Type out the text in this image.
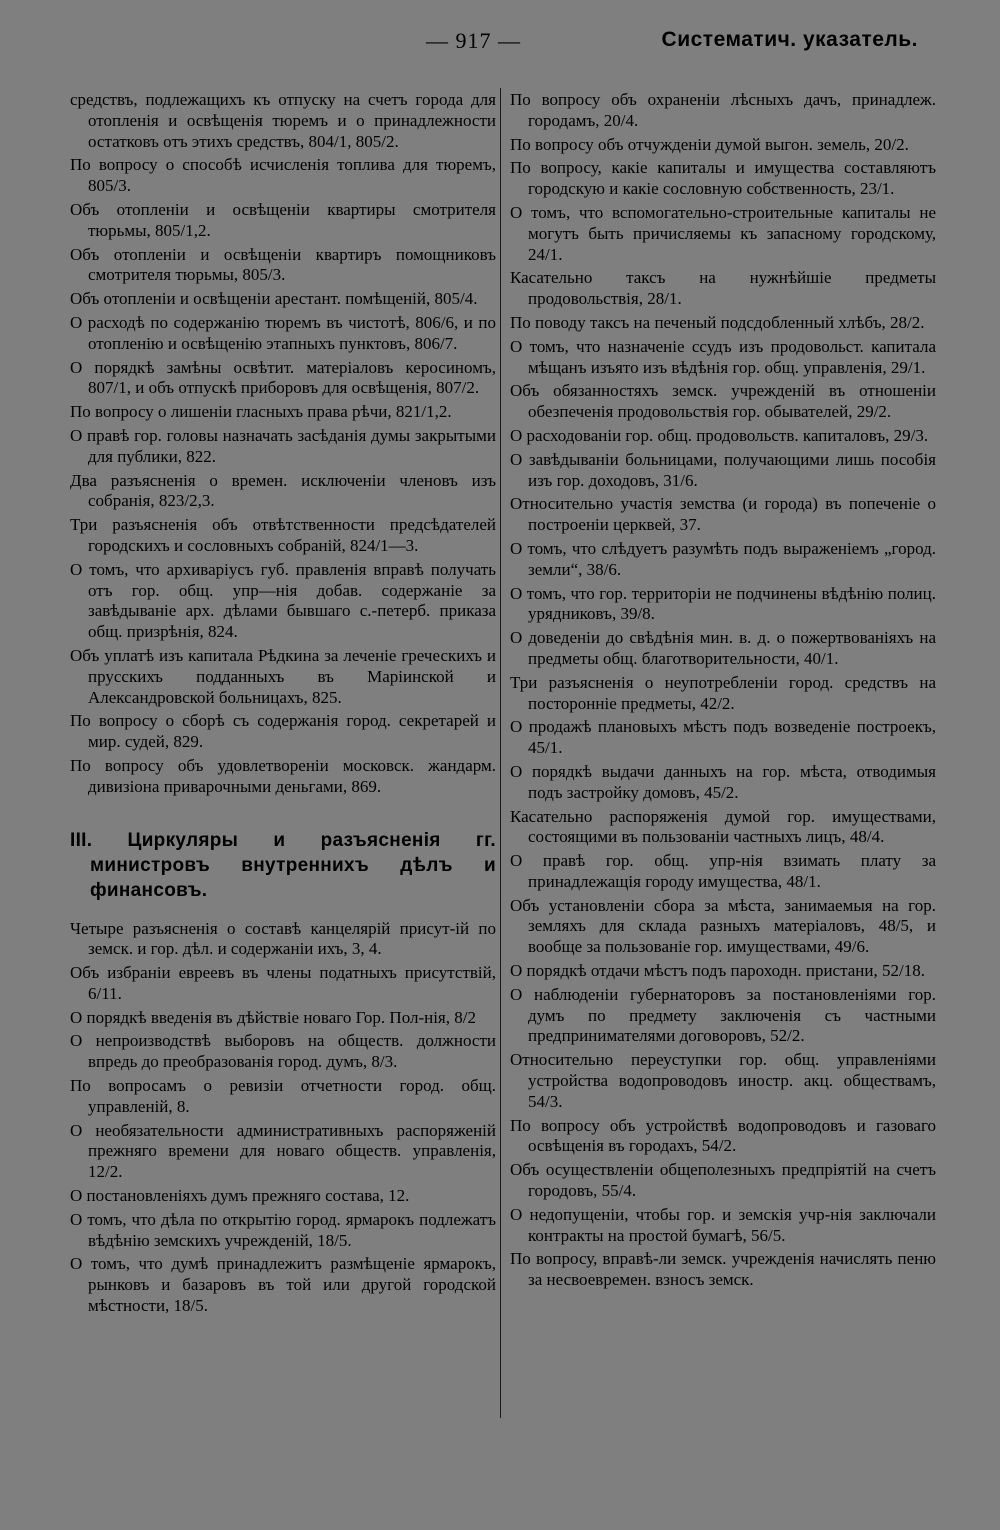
— 917 —	Систематич. указатель.

средствъ, подлежащихъ къ отпуску на счетъ города для отопленія и освѣщенія тюремъ и о принадлежности остатковъ отъ этихъ средствъ, 804/1, 805/2.

По вопросу о способѣ исчисленія топлива для тюремъ, 805/3.

Объ отопленіи и освѣщеніи квартиры смотрителя тюрьмы, 805/1,2.

Объ отопленіи и освѣщеніи квартиръ помощниковъ смотрителя тюрьмы, 805/3.

Объ отопленіи и освѣщеніи арестант. помѣщеній, 805/4.

О расходѣ по содержанію тюремъ въ чистотѣ, 806/6, и по отопленію и освѣщенію этапныхъ пунктовъ, 806/7.

О порядкѣ замѣны освѣтит. матеріаловъ керосиномъ, 807/1, и объ отпускѣ приборовъ для освѣщенія, 807/2.

По вопросу о лишеніи гласныхъ права рѣчи, 821/1,2.

О правѣ гор. головы назначать засѣданія думы закрытыми для публики, 822.

Два разъясненія о времен. исключеніи членовъ изъ собранія, 823/2,3.

Три разъясненія объ отвѣтственности предсѣдателей городскихъ и сословныхъ собраній, 824/1—3.

О томъ, что архиваріусъ губ. правленія вправѣ получать отъ гор. общ. упр—нія добав. содержаніе за завѣдываніе арх. дѣлами бывшаго с.-петерб. приказа общ. призрѣнія, 824.

Объ уплатѣ изъ капитала Рѣдкина за леченіе греческихъ и прусскихъ подданныхъ въ Маріинской и Александровской больницахъ, 825.

По вопросу о сборѣ съ содержанія город. секретарей и мир. судей, 829.

По вопросу объ удовлетвореніи московск. жандарм. дивизіона приварочными деньгами, 869.

III. Циркуляры и разъясненія гг. министровъ внутреннихъ дѣлъ и финансовъ.

Четыре разъясненія о составѣ канцелярій присут-ій по земск. и гор. дѣл. и содержаніи ихъ, 3, 4.

Объ избраніи евреевъ въ члены податныхъ присутствій, 6/11.

О порядкѣ введенія въ дѣйствіе новаго Гор. Пол-нія, 8/2

О непроизводствѣ выборовъ на обществ. должности впредь до преобразованія город. думъ, 8/3.

По вопросамъ о ревизіи отчетности город. общ. управленій, 8.

О необязательности административныхъ распоряженій прежняго времени для новаго обществ. управленія, 12/2.

О постановленіяхъ думъ прежняго состава, 12.

О томъ, что дѣла по открытію город. ярмарокъ подлежатъ вѣдѣнію земскихъ учрежденій, 18/5.

О томъ, что думѣ принадлежитъ размѣщеніе ярмарокъ, рынковъ и базаровъ въ той или другой городской мѣстности, 18/5.

По вопросу объ охраненіи лѣсныхъ дачъ, принадлеж. городамъ, 20/4.

По вопросу объ отчужденіи думой выгон. земель, 20/2.

По вопросу, какіе капиталы и имущества составляютъ городскую и какіе сословную собственность, 23/1.

О томъ, что вспомогательно-строительные капиталы не могутъ быть причисляемы къ запасному городскому, 24/1.

Касательно таксъ на нужнѣйшіе предметы продовольствія, 28/1.

По поводу таксъ на печеный подсдобленный хлѣбъ, 28/2.

О томъ, что назначеніе ссудъ изъ продовольст. капитала мѣщанъ изъято изъ вѣдѣнія гор. общ. управленія, 29/1.

Объ обязанностяхъ земск. учрежденій въ отношеніи обезпеченія продовольствія гор. обывателей, 29/2.

О расходованіи гор. общ. продовольств. капиталовъ, 29/3.

О завѣдываніи больницами, получающими лишь пособія изъ гор. доходовъ, 31/6.

Относительно участія земства (и города) въ попеченіе о построеніи церквей, 37.

О томъ, что слѣдуетъ разумѣть подъ выраженіемъ „город. земли“, 38/6.

О томъ, что гор. территоріи не подчинены вѣдѣнію полиц. урядниковъ, 39/8.

О доведеніи до свѣдѣнія мин. в. д. о пожертвованіяхъ на предметы общ. благотворительности, 40/1.

Три разъясненія о неупотребленіи город. средствъ на посторонніе предметы, 42/2.

О продажѣ плановыхъ мѣстъ подъ возведеніе построекъ, 45/1.

О порядкѣ выдачи данныхъ на гор. мѣста, отводимыя подъ застройку домовъ, 45/2.

Касательно распоряженія думой гор. имуществами, состоящими въ пользованіи частныхъ лицъ, 48/4.

О правѣ гор. общ. упр-нія взимать плату за принадлежащія городу имущества, 48/1.

Объ установленіи сбора за мѣста, занимаемыя на гор. земляхъ для склада разныхъ матеріаловъ, 48/5, и вообще за пользованіе гор. имуществами, 49/6.

О порядкѣ отдачи мѣстъ подъ пароходн. пристани, 52/18.

О наблюденіи губернаторовъ за постановленіями гор. думъ по предмету заключенія съ частными предпринимателями договоровъ, 52/2.

Относительно переуступки гор. общ. управленіями устройства водопроводовъ иностр. акц. обществамъ, 54/3.

По вопросу объ устройствѣ водопроводовъ и газоваго освѣщенія въ городахъ, 54/2.

Объ осуществленіи общеполезныхъ предпріятій на счетъ городовъ, 55/4.

О недопущеніи, чтобы гор. и земскія учр-нія заключали контракты на простой бумагѣ, 56/5.

По вопросу, вправѣ-ли земск. учрежденія начислять пеню за несвоевремен. взносъ земск.
